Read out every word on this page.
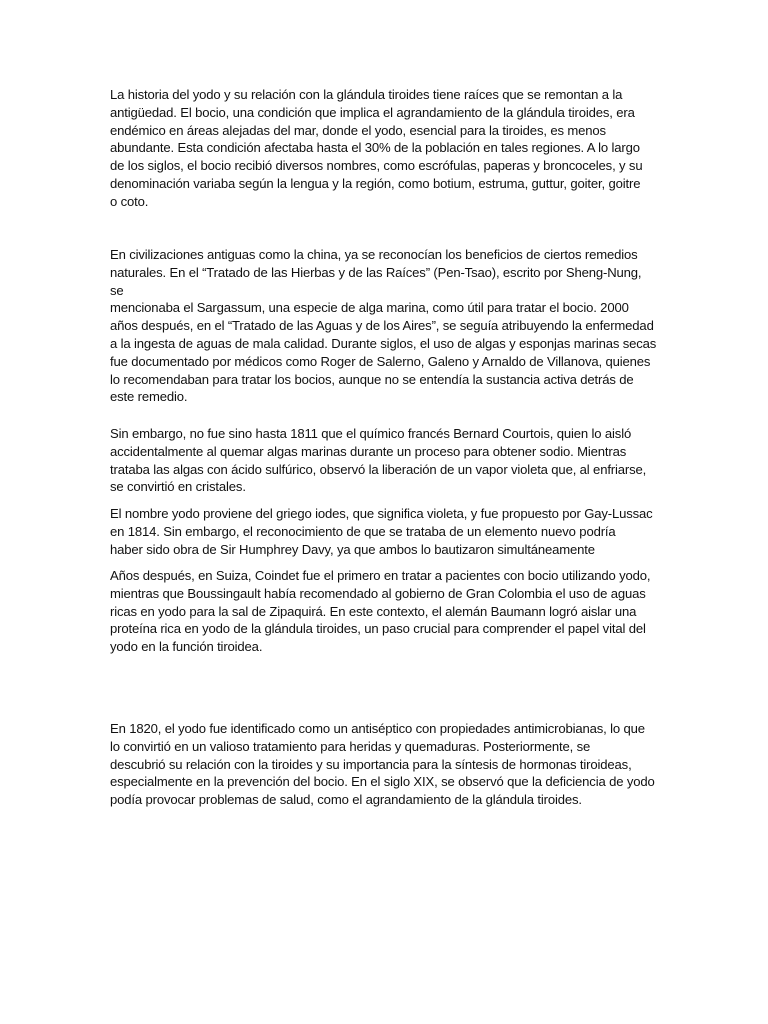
La historia del yodo y su relación con la glándula tiroides tiene raíces que se remontan a la
antigüedad. El bocio, una condición que implica el agrandamiento de la glándula tiroides, era
endémico en áreas alejadas del mar, donde el yodo, esencial para la tiroides, es menos
abundante. Esta condición afectaba hasta el 30% de la población en tales regiones. A lo largo
de los siglos, el bocio recibió diversos nombres, como escrófulas, paperas y broncoceles, y su
denominación variaba según la lengua y la región, como botium, estruma, guttur, goiter, goitre
o coto.

En civilizaciones antiguas como la china, ya se reconocían los beneficios de ciertos remedios
naturales. En el “Tratado de las Hierbas y de las Raíces” (Pen-Tsao), escrito por Sheng-Nung, se
mencionaba el Sargassum, una especie de alga marina, como útil para tratar el bocio. 2000
años después, en el “Tratado de las Aguas y de los Aires”, se seguía atribuyendo la enfermedad
a la ingesta de aguas de mala calidad. Durante siglos, el uso de algas y esponjas marinas secas
fue documentado por médicos como Roger de Salerno, Galeno y Arnaldo de Villanova, quienes
lo recomendaban para tratar los bocios, aunque no se entendía la sustancia activa detrás de
este remedio.

Sin embargo, no fue sino hasta 1811 que el químico francés Bernard Courtois, quien lo aisló
accidentalmente al quemar algas marinas durante un proceso para obtener sodio. Mientras
trataba las algas con ácido sulfúrico, observó la liberación de un vapor violeta que, al enfriarse,
se convirtió en cristales.

El nombre yodo proviene del griego iodes, que significa violeta, y fue propuesto por Gay-Lussac
en 1814. Sin embargo, el reconocimiento de que se trataba de un elemento nuevo podría
haber sido obra de Sir Humphrey Davy, ya que ambos lo bautizaron simultáneamente

Años después, en Suiza, Coindet fue el primero en tratar a pacientes con bocio utilizando yodo,
mientras que Boussingault había recomendado al gobierno de Gran Colombia el uso de aguas
ricas en yodo para la sal de Zipaquirá. En este contexto, el alemán Baumann logró aislar una
proteína rica en yodo de la glándula tiroides, un paso crucial para comprender el papel vital del
yodo en la función tiroidea.

En 1820, el yodo fue identificado como un antiséptico con propiedades antimicrobianas, lo que
lo convirtió en un valioso tratamiento para heridas y quemaduras. Posteriormente, se
descubrió su relación con la tiroides y su importancia para la síntesis de hormonas tiroideas,
especialmente en la prevención del bocio. En el siglo XIX, se observó que la deficiencia de yodo
podía provocar problemas de salud, como el agrandamiento de la glándula tiroides.
